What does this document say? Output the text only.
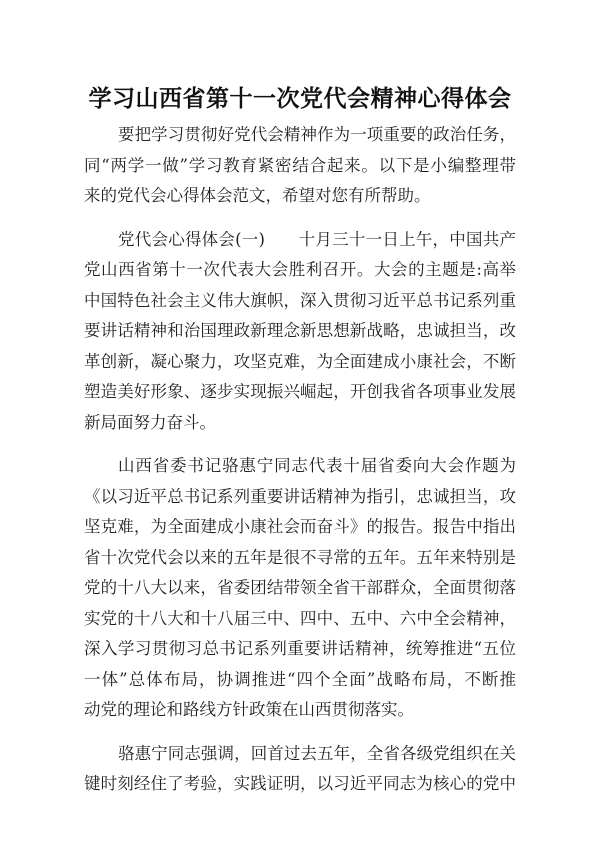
学习山西省第十一次党代会精神心得体会

要把学习贯彻好党代会精神作为一项重要的政治任务，
同“两学一做”学习教育紧密结合起来。以下是小编整理带
来的党代会心得体会范文，希望对您有所帮助。

党代会心得体会(一)　　十月三十一日上午，中国共产
党山西省第十一次代表大会胜利召开。大会的主题是:高举
中国特色社会主义伟大旗帜，深入贯彻习近平总书记系列重
要讲话精神和治国理政新理念新思想新战略，忠诚担当，改
革创新，凝心聚力，攻坚克难，为全面建成小康社会，不断
塑造美好形象、逐步实现振兴崛起，开创我省各项事业发展
新局面努力奋斗。

山西省委书记骆惠宁同志代表十届省委向大会作题为
《以习近平总书记系列重要讲话精神为指引，忠诚担当，攻
坚克难，为全面建成小康社会而奋斗》的报告。报告中指出
省十次党代会以来的五年是很不寻常的五年。五年来特别是
党的十八大以来，省委团结带领全省干部群众，全面贯彻落
实党的十八大和十八届三中、四中、五中、六中全会精神，
深入学习贯彻习总书记系列重要讲话精神，统筹推进“五位
一体”总体布局，协调推进“四个全面”战略布局，不断推
动党的理论和路线方针政策在山西贯彻落实。

骆惠宁同志强调，回首过去五年，全省各级党组织在关
键时刻经住了考验，实践证明，以习近平同志为核心的党中
